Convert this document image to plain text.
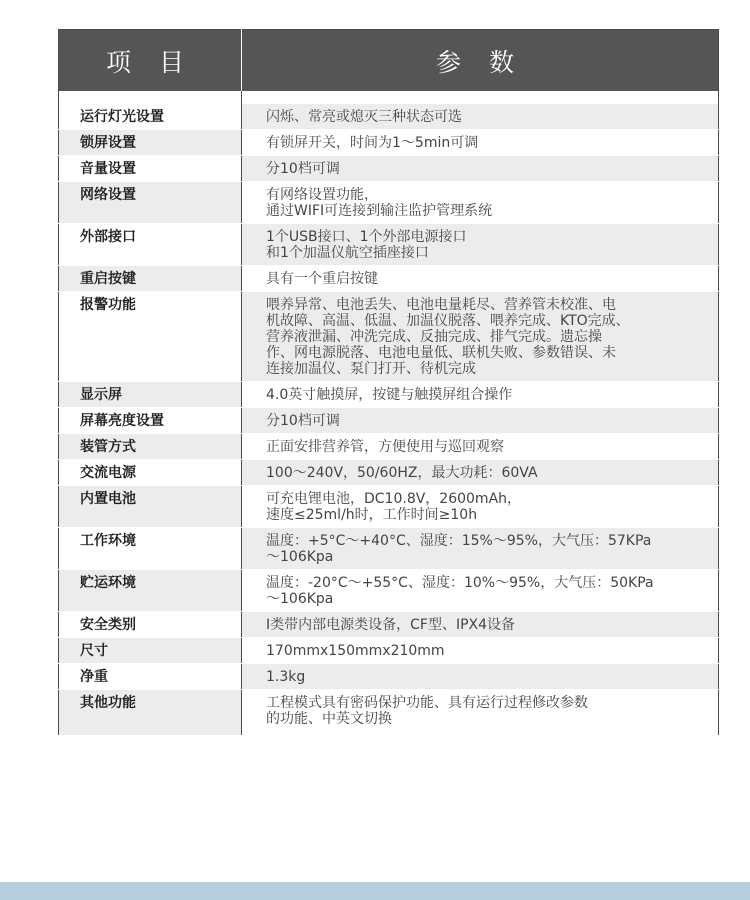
项 目	参 数

运行灯光设置	闪烁、常亮或熄灭三种状态可选
锁屏设置	有锁屏开关，时间为1～5min可调
音量设置	分10档可调
网络设置	有网络设置功能，
通过WIFI可连接到输注监护管理系统
外部接口	1个USB接口、1个外部电源接口
和1个加温仪航空插座接口
重启按键	具有一个重启按键
报警功能	喂养异常、电池丢失、电池电量耗尽、营养管未校准、电
机故障、高温、低温、加温仪脱落、喂养完成、KTO完成、
营养液泄漏、冲洗完成、反抽完成、排气完成。遗忘操
作、网电源脱落、电池电量低、联机失败、参数错误、未
连接加温仪、泵门打开、待机完成
显示屏	4.0英寸触摸屏，按键与触摸屏组合操作
屏幕亮度设置	分10档可调
装管方式	正面安排营养管，方便使用与巡回观察
交流电源	100～240V，50/60HZ，最大功耗：60VA
内置电池	可充电锂电池，DC10.8V，2600mAh，
速度≤25ml/h时，工作时间≥10h
工作环境	温度：+5°C～+40°C、湿度：15%～95%，大气压：57KPa
～106Kpa
贮运环境	温度：-20°C～+55°C、湿度：10%～95%，大气压：50KPa
～106Kpa
安全类别	I类带内部电源类设备，CF型、IPX4设备
尺寸	170mmx150mmx210mm
净重	1.3kg
其他功能	工程模式具有密码保护功能、具有运行过程修改参数
的功能、中英文切换
